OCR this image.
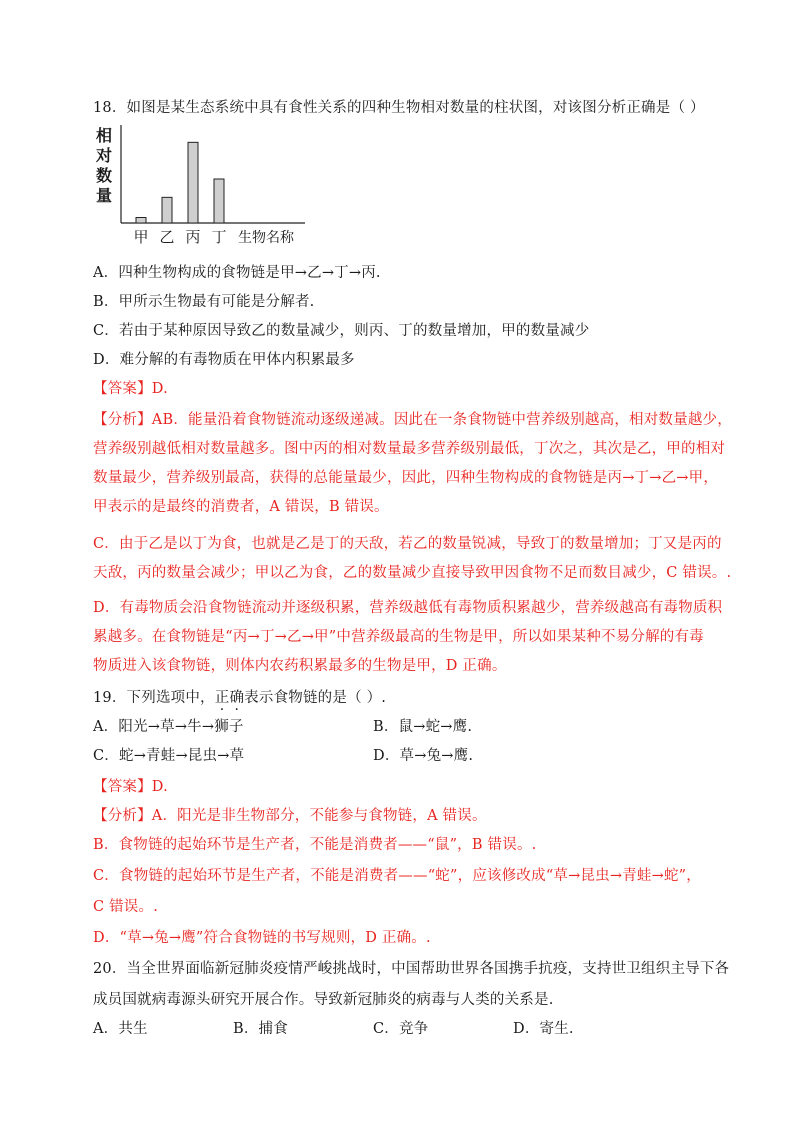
18．如图是某生态系统中具有食性关系的四种生物相对数量的柱状图，对该图分析正确是（ ）
相
对
数
量
甲 乙 丙 丁 生物名称
A．四种生物构成的食物链是甲→乙→丁→丙.
B．甲所示生物最有可能是分解者.
C．若由于某种原因导致乙的数量减少，则丙、丁的数量增加，甲的数量减少
D．难分解的有毒物质在甲体内积累最多
【答案】D.
【分析】AB．能量沿着食物链流动逐级递减。因此在一条食物链中营养级别越高，相对数量越少，
营养级别越低相对数量越多。图中丙的相对数量最多营养级别最低，丁次之，其次是乙，甲的相对
数量最少，营养级别最高，获得的总能量最少，因此，四种生物构成的食物链是丙→丁→乙→甲，
甲表示的是最终的消费者，A 错误，B 错误。
C．由于乙是以丁为食，也就是乙是丁的天敌，若乙的数量锐减，导致丁的数量增加；丁又是丙的
天敌，丙的数量会减少；甲以乙为食，乙的数量减少直接导致甲因食物不足而数目减少，C 错误。.
D．有毒物质会沿食物链流动并逐级积累，营养级越低有毒物质积累越少，营养级越高有毒物质积
累越多。在食物链是“丙→丁→乙→甲”中营养级最高的生物是甲，所以如果某种不易分解的有毒
物质进入该食物链，则体内农药积累最多的生物是甲，D 正确。
19．下列选项中，正确表示食物链的是（ ）.
A．阳光→草→牛→狮子	B．鼠→蛇→鹰.
C．蛇→青蛙→昆虫→草	D．草→兔→鹰.
【答案】D.
【分析】A．阳光是非生物部分，不能参与食物链，A 错误。
B．食物链的起始环节是生产者，不能是消费者——“鼠”，B 错误。.
C．食物链的起始环节是生产者，不能是消费者——“蛇”，应该修改成“草→昆虫→青蛙→蛇”，
C 错误。.
D．“草→兔→鹰”符合食物链的书写规则，D 正确。.
20．当全世界面临新冠肺炎疫情严峻挑战时，中国帮助世界各国携手抗疫，支持世卫组织主导下各
成员国就病毒源头研究开展合作。导致新冠肺炎的病毒与人类的关系是.
A．共生	B．捕食	C．竞争	D．寄生.
